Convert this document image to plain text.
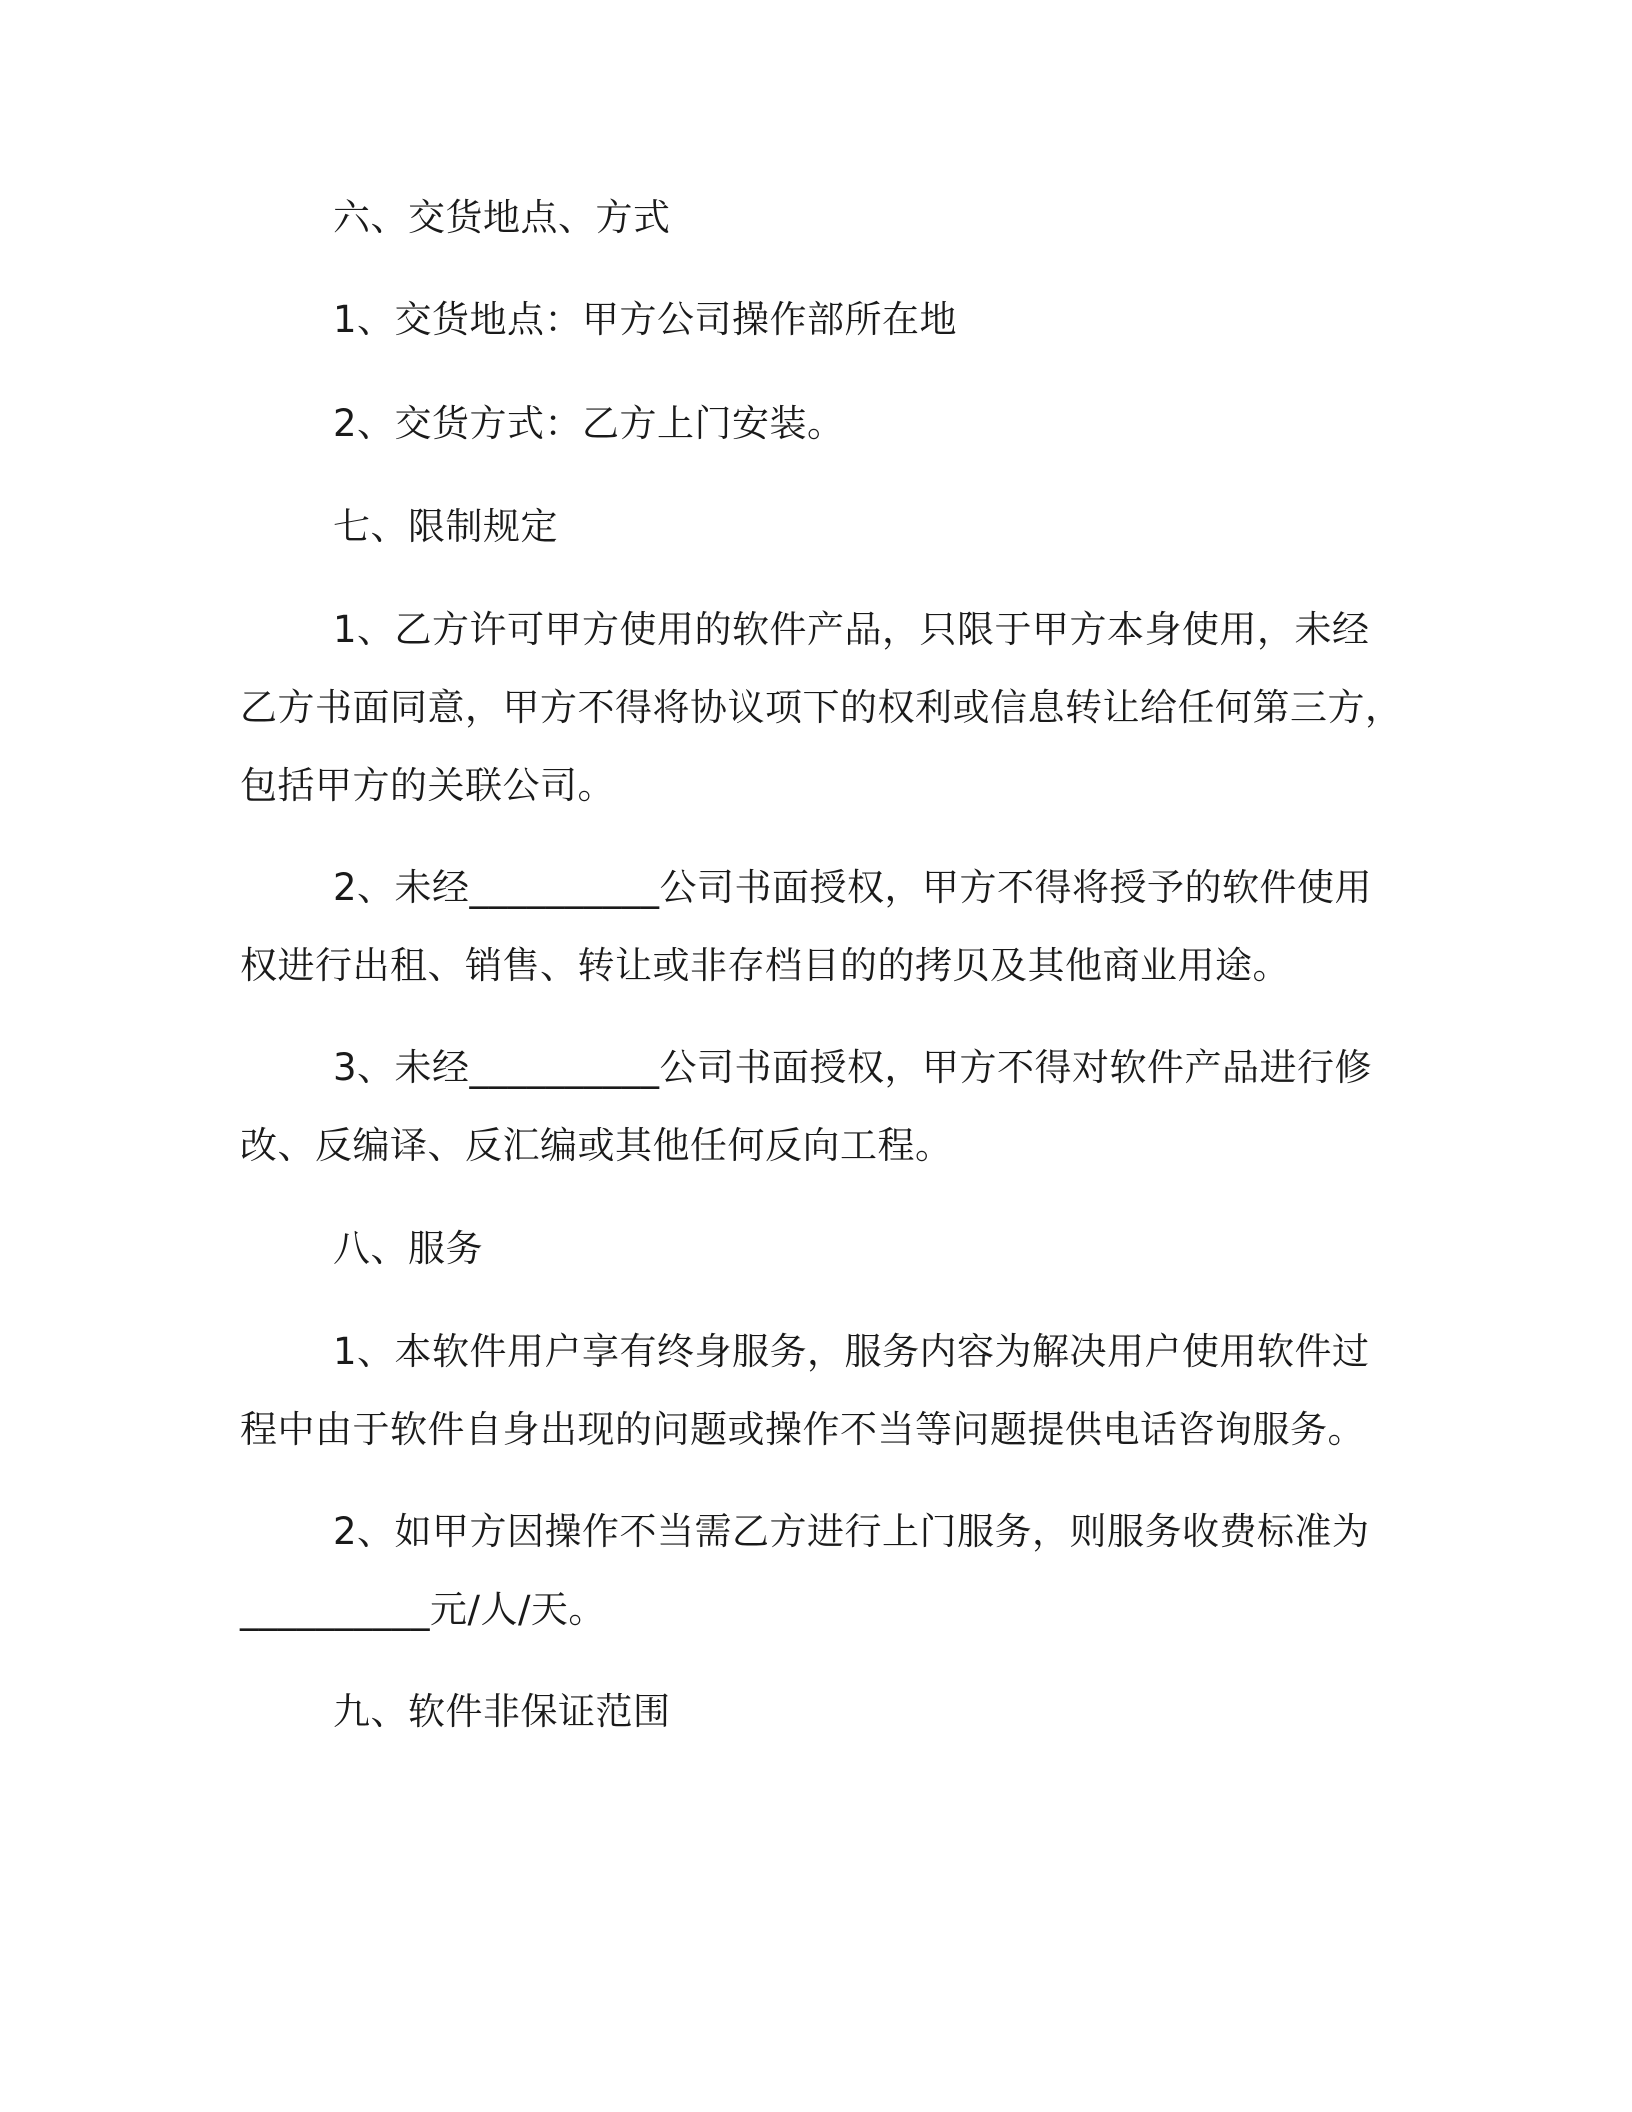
六、交货地点、方式
1、交货地点：甲方公司操作部所在地
2、交货方式：乙方上门安装。
七、限制规定
1、乙方许可甲方使用的软件产品，只限于甲方本身使用，未经
乙方书面同意，甲方不得将协议项下的权利或信息转让给任何第三方，
包括甲方的关联公司。
2、未经__________公司书面授权，甲方不得将授予的软件使用
权进行出租、销售、转让或非存档目的的拷贝及其他商业用途。
3、未经__________公司书面授权，甲方不得对软件产品进行修
改、反编译、反汇编或其他任何反向工程。
八、服务
1、本软件用户享有终身服务，服务内容为解决用户使用软件过
程中由于软件自身出现的问题或操作不当等问题提供电话咨询服务。
2、如甲方因操作不当需乙方进行上门服务，则服务收费标准为
__________元/人/天。
九、软件非保证范围
